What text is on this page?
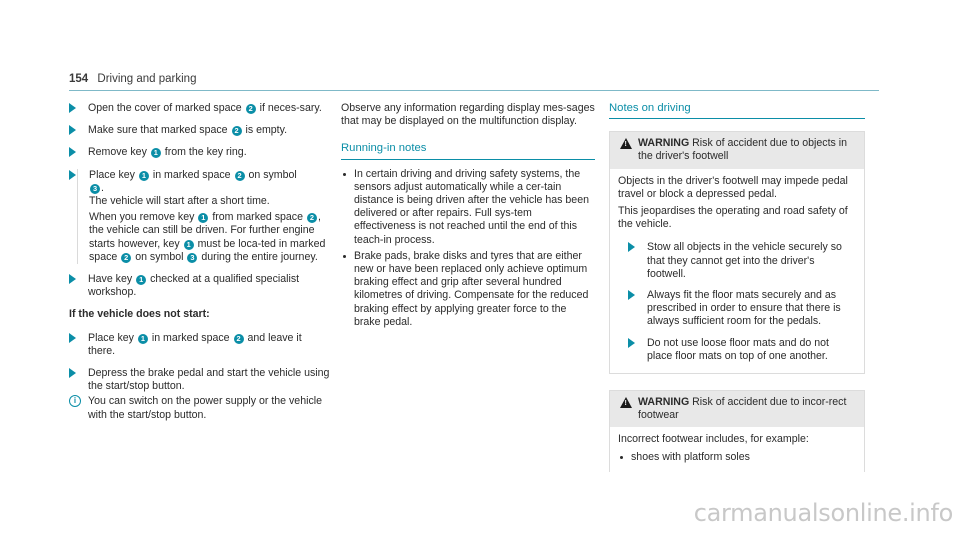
154 Driving and parking
Open the cover of marked space 2 if neces-sary.
Make sure that marked space 2 is empty.
Remove key 1 from the key ring.
Place key 1 in marked space 2 on symbol
3 .
The vehicle will start after a short time.
When you remove key 1 from marked space 2 , the vehicle can still be driven. For further engine starts however, key 1 must be loca-ted in marked space 2 on symbol 3 during the entire journey.
Have key 1 checked at a qualified specialist workshop.
If the vehicle does not start:
Place key 1 in marked space 2 and leave it there.
Depress the brake pedal and start the vehicle using the start/stop button.
i	You can switch on the power supply or the vehicle with the start/stop button.

Observe any information regarding display mes-sages that may be displayed on the multifunction display.

Running-in notes
In certain driving and driving safety systems, the sensors adjust automatically while a cer-tain distance is being driven after the vehicle has been delivered or after repairs. Full sys-tem effectiveness is not reached until the end of this teach-in process.
Brake pads, brake disks and tyres that are either new or have been replaced only achieve optimum braking effect and grip after several hundred kilometres of driving. Compensate for the reduced braking effect by applying greater force to the brake pedal.
Notes on driving
! WARNING Risk of accident due to objects in the driver's footwell

Objects in the driver's footwell may impede pedal travel or block a depressed pedal.

This jeopardises the operating and road safety of the vehicle.

Stow all objects in the vehicle securely so that they cannot get into the driver's footwell.
Always fit the floor mats securely and as prescribed in order to ensure that there is always sufficient room for the pedals.
Do not use loose floor mats and do not place floor mats on top of one another.
! WARNING Risk of accident due to incor-rect footwear

Incorrect footwear includes, for example:

shoes with platform soles
carmanualsonline.info
